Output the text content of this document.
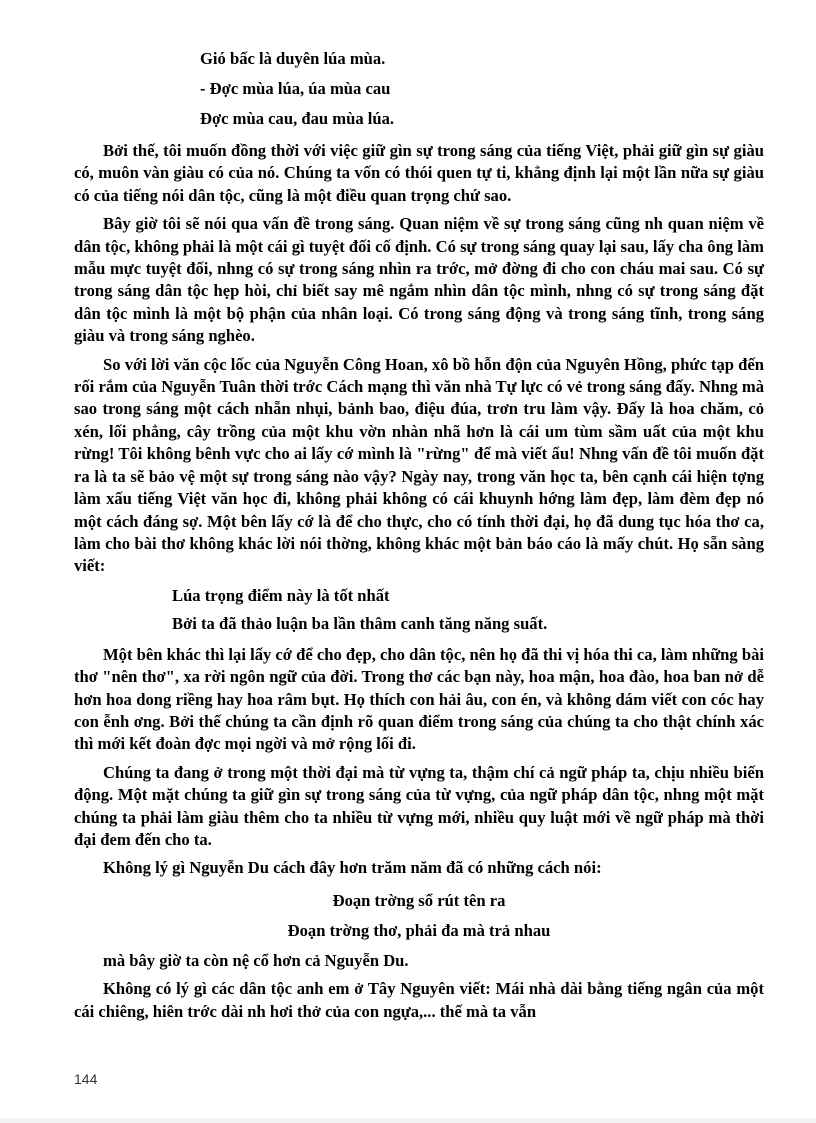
Gió bấc là duyên lúa mùa.
- Đợc mùa lúa, úa mùa cau
Đợc mùa cau, đau mùa lúa.

Bởi thế, tôi muốn đồng thời với việc giữ gìn sự trong sáng của tiếng Việt, phải giữ gìn sự giàu có, muôn vàn giàu có của nó. Chúng ta vốn có thói quen tự ti, khẳng định lại một lần nữa sự giàu có của tiếng nói dân tộc, cũng là một điều quan trọng chứ sao.

Bây giờ tôi sẽ nói qua vấn đề trong sáng. Quan niệm về sự trong sáng cũng nh quan niệm về dân tộc, không phải là một cái gì tuyệt đối cố định. Có sự trong sáng quay lại sau, lấy cha ông làm mẫu mực tuyệt đối, nhng có sự trong sáng nhìn ra trớc, mở đờng đi cho con cháu mai sau. Có sự trong sáng dân tộc hẹp hòi, chỉ biết say mê ngắm nhìn dân tộc mình, nhng có sự trong sáng đặt dân tộc mình là một bộ phận của nhân loại. Có trong sáng động và trong sáng tĩnh, trong sáng giàu và trong sáng nghèo.

So với lời văn cộc lốc của Nguyễn Công Hoan, xô bồ hỗn độn của Nguyên Hồng, phức tạp đến rối rắm của Nguyễn Tuân thời trớc Cách mạng thì văn nhà Tự lực có vẻ trong sáng đấy. Nhng mà sao trong sáng một cách nhẵn nhụi, bảnh bao, điệu đúa, trơn tru làm vậy. Đấy là hoa chăm, cỏ xén, lối phẳng, cây trồng của một khu vờn nhàn nhã hơn là cái um tùm sầm uất của một khu rừng! Tôi không bênh vực cho ai lấy cớ mình là "rừng" để mà viết ẩu! Nhng vấn đề tôi muốn đặt ra là ta sẽ bảo vệ một sự trong sáng nào vậy? Ngày nay, trong văn học ta, bên cạnh cái hiện tợng làm xấu tiếng Việt văn học đi, không phải không có cái khuynh hớng làm đẹp, làm đèm đẹp nó một cách đáng sợ. Một bên lấy cớ là để cho thực, cho có tính thời đại, họ đã dung tục hóa thơ ca, làm cho bài thơ không khác lời nói thờng, không khác một bản báo cáo là mấy chút. Họ sẵn sàng viết:

Lúa trọng điểm này là tốt nhất
Bởi ta đã thảo luận ba lần thâm canh tăng năng suất.

Một bên khác thì lại lấy cớ để cho đẹp, cho dân tộc, nên họ đã thi vị hóa thi ca, làm những bài thơ "nên thơ", xa rời ngôn ngữ của đời. Trong thơ các bạn này, hoa mận, hoa đào, hoa ban nở dễ hơn hoa dong riềng hay hoa râm bụt. Họ thích con hải âu, con én, và không dám viết con cóc hay con ễnh ơng. Bởi thế chúng ta cần định rõ quan điểm trong sáng của chúng ta cho thật chính xác thì mới kết đoàn đợc mọi ngời và mở rộng lối đi.

Chúng ta đang ở trong một thời đại mà từ vựng ta, thậm chí cả ngữ pháp ta, chịu nhiều biến động. Một mặt chúng ta giữ gìn sự trong sáng của từ vựng, của ngữ pháp dân tộc, nhng một mặt chúng ta phải làm giàu thêm cho ta nhiều từ vựng mới, nhiều quy luật mới về ngữ pháp mà thời đại đem đến cho ta.

Không lý gì Nguyễn Du cách đây hơn trăm năm đã có những cách nói:

Đoạn trờng sổ rút tên ra
Đoạn trờng thơ, phải đa mà trả nhau

mà bây giờ ta còn nệ cổ hơn cả Nguyễn Du.

Không có lý gì các dân tộc anh em ở Tây Nguyên viết: Mái nhà dài bằng tiếng ngân của một cái chiêng, hiên trớc dài nh hơi thở của con ngựa,... thế mà ta vẫn

144
